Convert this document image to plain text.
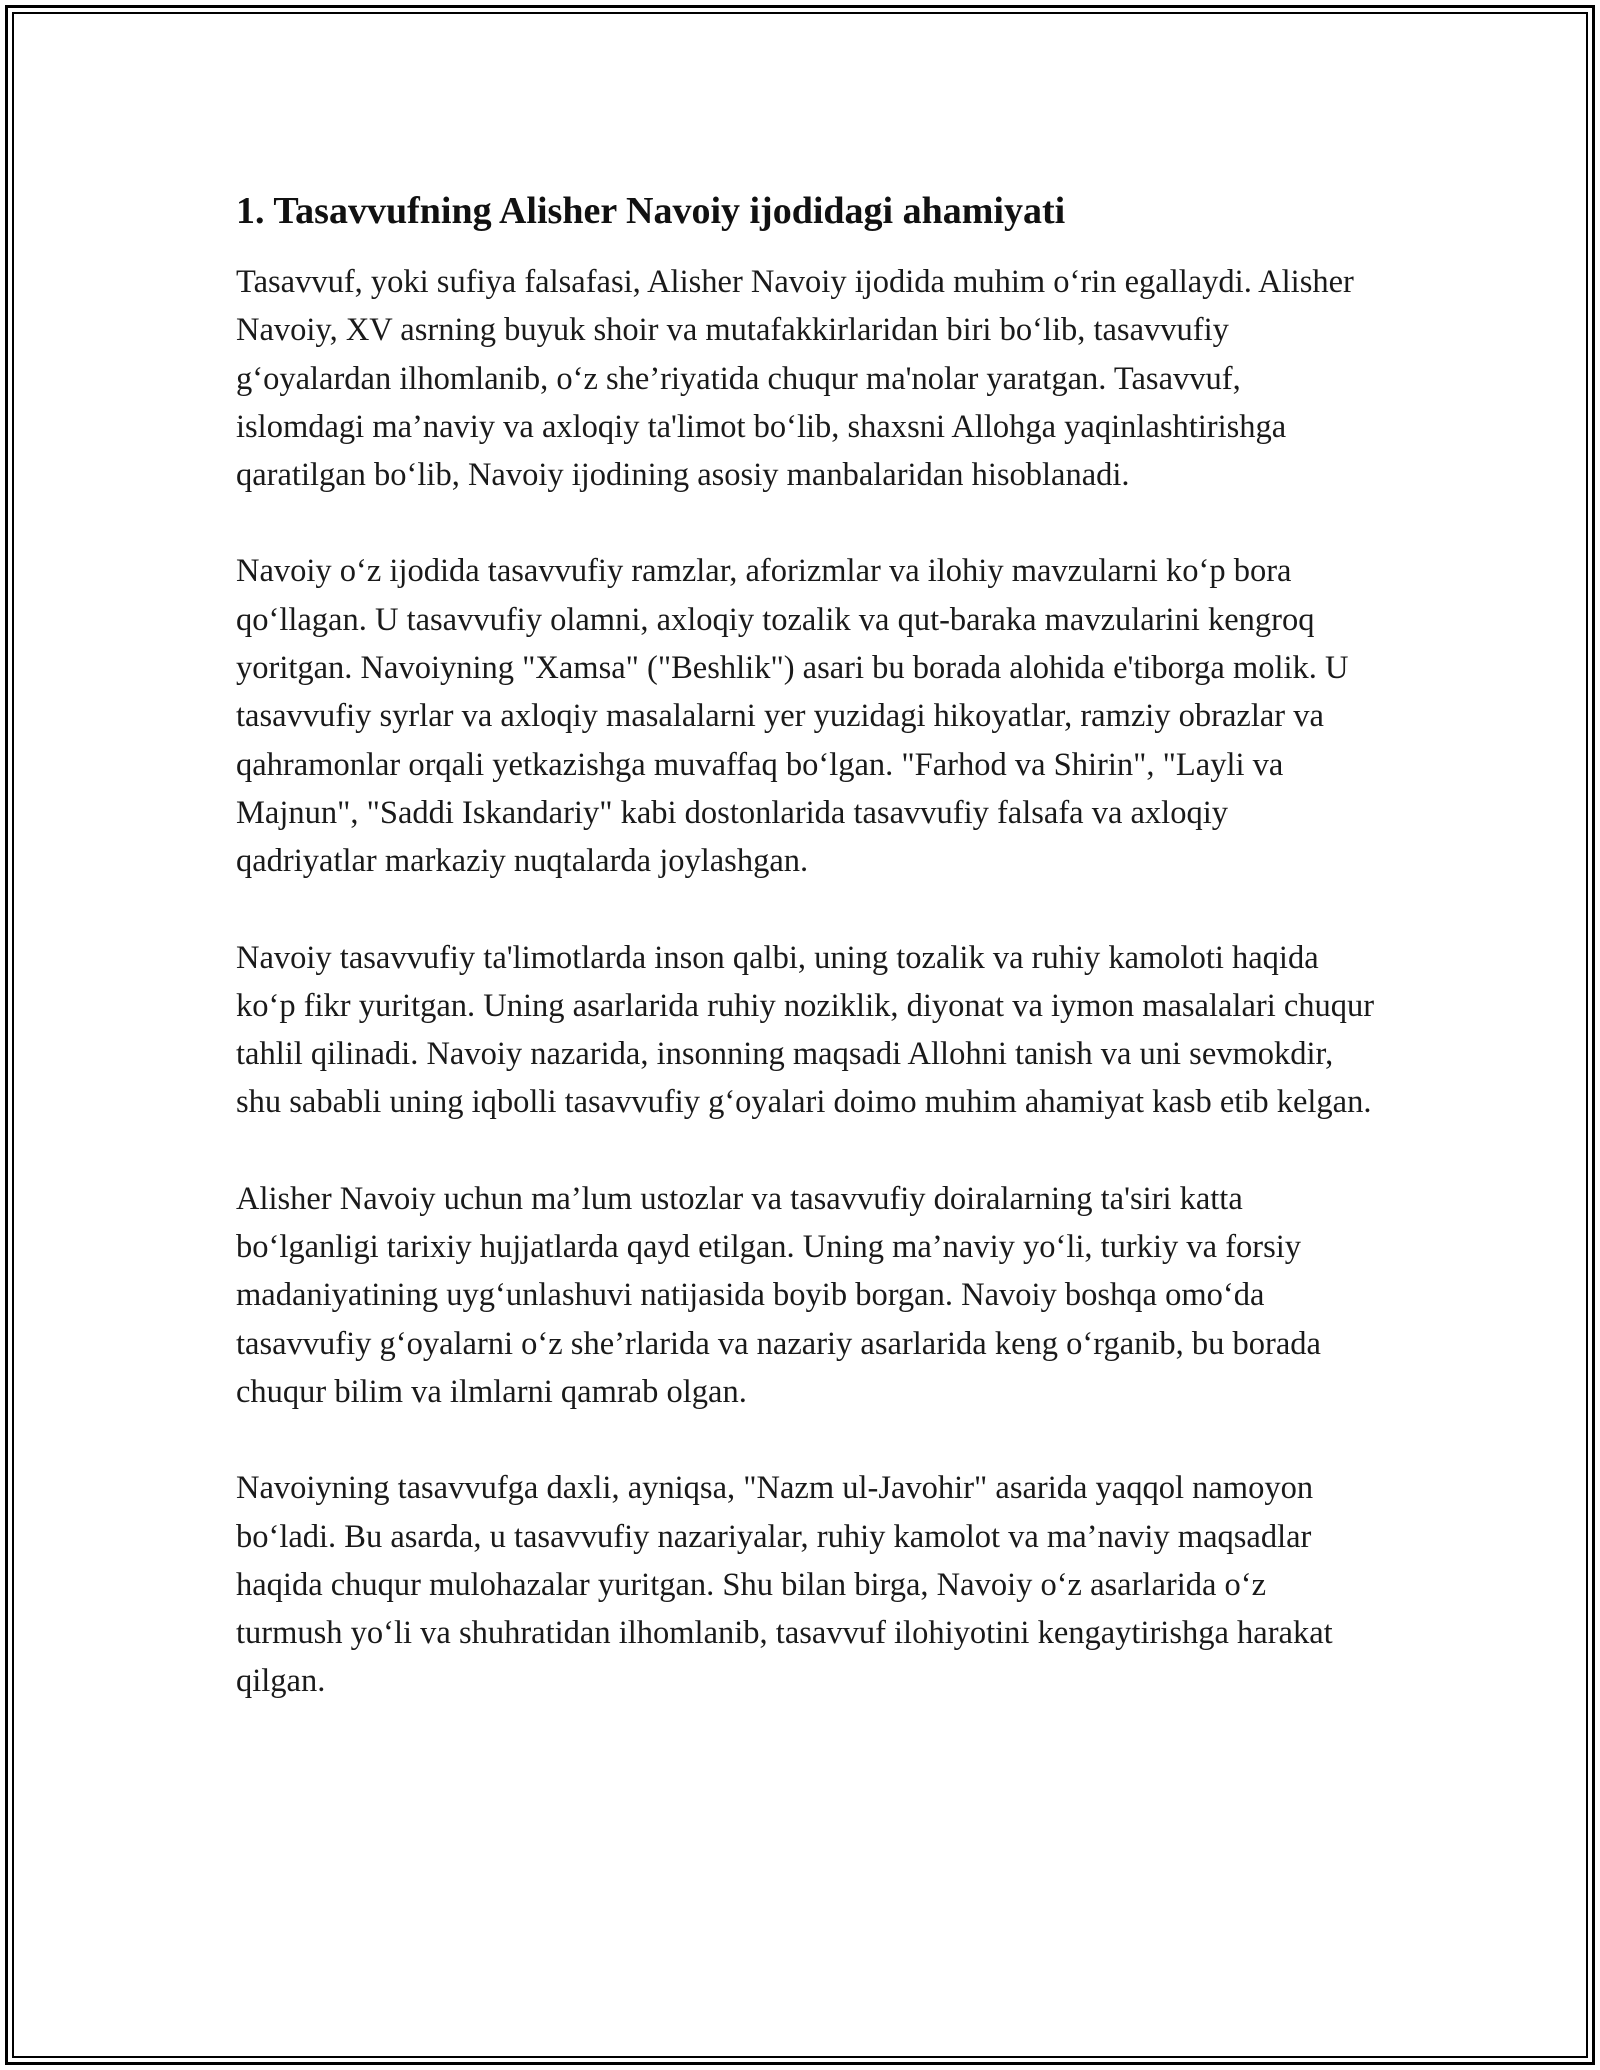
1. Tasavvufning Alisher Navoiy ijodidagi ahamiyati

Tasavvuf, yoki sufiya falsafasi, Alisher Navoiy ijodida muhim o‘rin egallaydi. Alisher Navoiy, XV asrning buyuk shoir va mutafakkirlaridan biri bo‘lib, tasavvufiy g‘oyalardan ilhomlanib, o‘z she’riyatida chuqur ma'nolar yaratgan. Tasavvuf, islomdagi ma’naviy va axloqiy ta'limot bo‘lib, shaxsni Allohga yaqinlashtirishga qaratilgan bo‘lib, Navoiy ijodining asosiy manbalaridan hisoblanadi.

Navoiy o‘z ijodida tasavvufiy ramzlar, aforizmlar va ilohiy mavzularni ko‘p bora qo‘llagan. U tasavvufiy olamni, axloqiy tozalik va qut-baraka mavzularini kengroq yoritgan. Navoiyning "Xamsa" ("Beshlik") asari bu borada alohida e'tiborga molik. U tasavvufiy syrlar va axloqiy masalalarni yer yuzidagi hikoyatlar, ramziy obrazlar va qahramonlar orqali yetkazishga muvaffaq bo‘lgan. "Farhod va Shirin", "Layli va Majnun", "Saddi Iskandariy" kabi dostonlarida tasavvufiy falsafa va axloqiy qadriyatlar markaziy nuqtalarda joylashgan.

Navoiy tasavvufiy ta'limotlarda inson qalbi, uning tozalik va ruhiy kamoloti haqida ko‘p fikr yuritgan. Uning asarlarida ruhiy noziklik, diyonat va iymon masalalari chuqur tahlil qilinadi. Navoiy nazarida, insonning maqsadi Allohni tanish va uni sevmokdir, shu sababli uning iqbolli tasavvufiy g‘oyalari doimo muhim ahamiyat kasb etib kelgan.

Alisher Navoiy uchun ma’lum ustozlar va tasavvufiy doiralarning ta'siri katta bo‘lganligi tarixiy hujjatlarda qayd etilgan. Uning ma’naviy yo‘li, turkiy va forsiy madaniyatining uyg‘unlashuvi natijasida boyib borgan. Navoiy boshqa omo‘da tasavvufiy g‘oyalarni o‘z she’rlarida va nazariy asarlarida keng o‘rganib, bu borada chuqur bilim va ilmlarni qamrab olgan.

Navoiyning tasavvufga daxli, ayniqsa, "Nazm ul-Javohir" asarida yaqqol namoyon bo‘ladi. Bu asarda, u tasavvufiy nazariyalar, ruhiy kamolot va ma’naviy maqsadlar haqida chuqur mulohazalar yuritgan. Shu bilan birga, Navoiy o‘z asarlarida o‘z turmush yo‘li va shuhratidan ilhomlanib, tasavvuf ilohiyotini kengaytirishga harakat qilgan.
